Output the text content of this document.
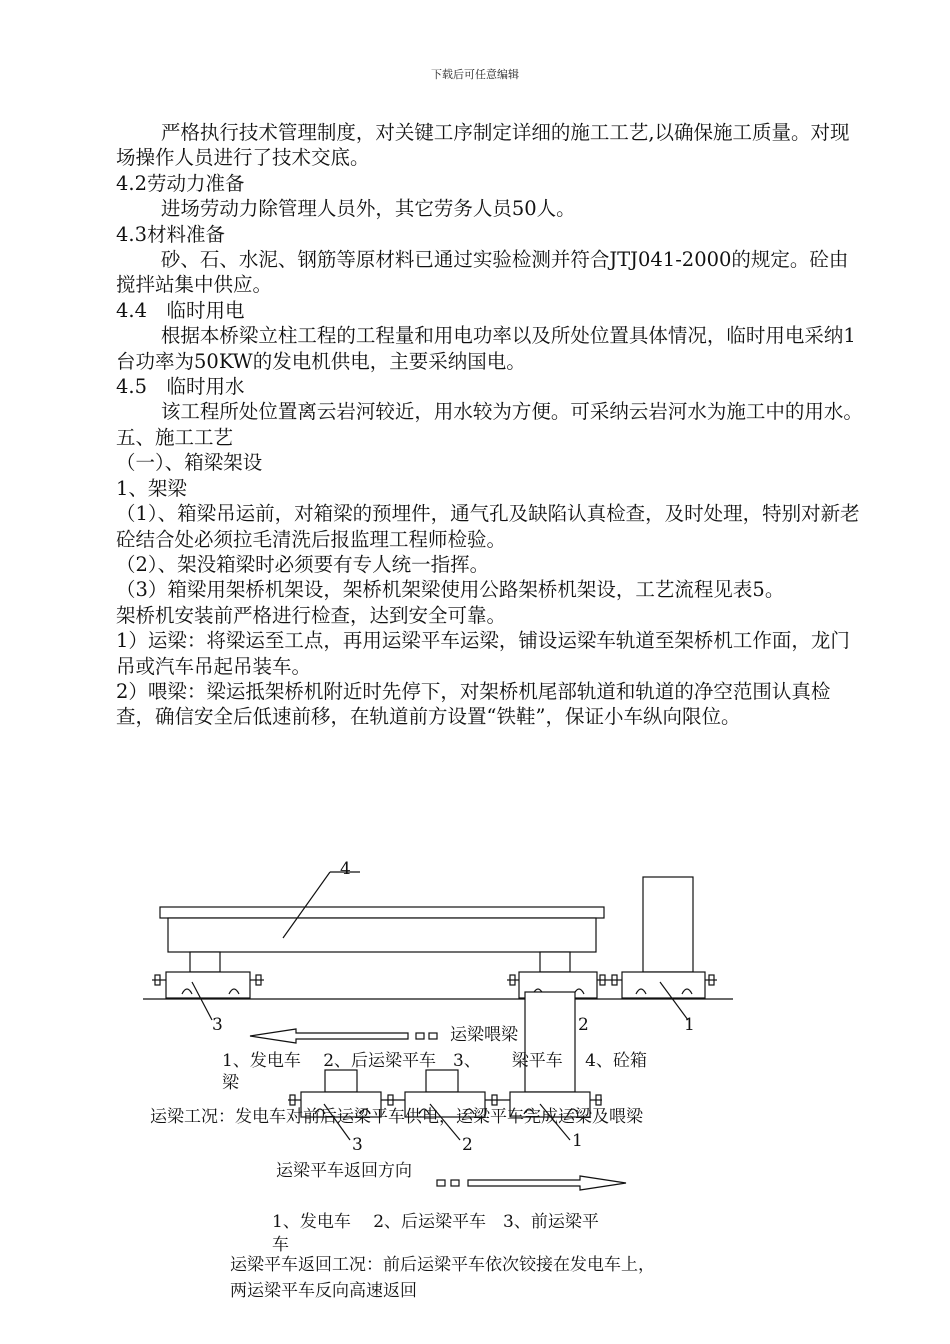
下载后可任意编辑

严格执行技术管理制度，对关键工序制定详细的施工工艺,以确保施工质量。对现场操作人员进行了技术交底。

4.2劳动力准备

进场劳动力除管理人员外，其它劳务人员50人。

4.3材料准备

砂、石、水泥、钢筋等原材料已通过实验检测并符合JTJ041-2000的规定。砼由搅拌站集中供应。

4.4　临时用电

根据本桥梁立柱工程的工程量和用电功率以及所处位置具体情况，临时用电采纳1台功率为50KW的发电机供电，主要采纳国电。

4.5　临时用水

该工程所处位置离云岩河较近，用水较为方便。可采纳云岩河水为施工中的用水。

五、施工工艺

（一）、箱梁架设

1、架梁

（1）、箱梁吊运前，对箱梁的预埋件，通气孔及缺陷认真检查，及时处理，特别对新老砼结合处必须拉毛清洗后报监理工程师检验。

（2）、架没箱梁时必须要有专人统一指挥。

（3）箱梁用架桥机架设，架桥机架梁使用公路架桥机架设，工艺流程见表5。

架桥机安装前严格进行检查，达到安全可靠。

1）运梁：将梁运至工点，再用运梁平车运梁，铺设运梁车轨道至架桥机工作面，龙门吊或汽车吊起吊装车。

2）喂梁：梁运抵架桥机附近时先停下，对架桥机尾部轨道和轨道的净空范围认真检查，确信安全后低速前移，在轨道前方设置“铁鞋”，保证小车纵向限位。

4
3	2	1
运梁喂梁
1、发电车　 2、后运梁平车　3、　　 梁平车　 4、砼箱
梁
运梁工况：发电车对前后运梁平车供电，运梁平车完成运梁及喂梁
3	2	1
运梁平车返回方向
1、发电车　 2、后运梁平车　3、前运梁平
车
运梁平车返回工况：前后运梁平车依次铰接在发电车上，
两运梁平车反向高速返回
